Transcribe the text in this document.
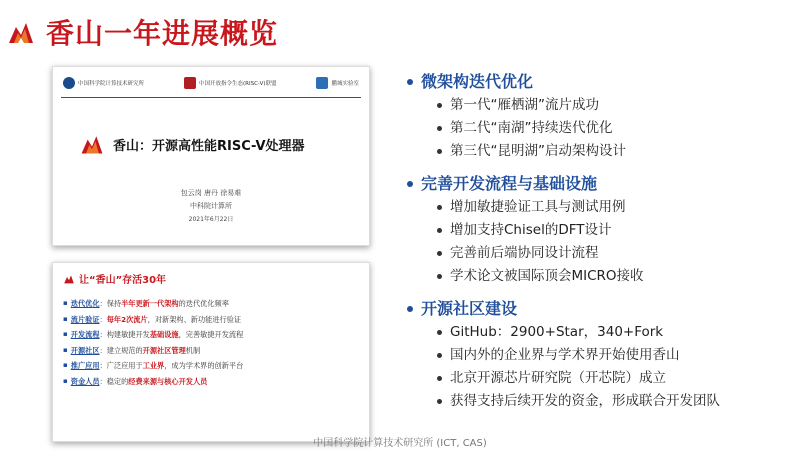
香山一年进展概览
中国科学院计算技术研究所	中国开放指令生态(RISC-V)联盟	鹏城实验室
香山：开源高性能RISC-V处理器
包云岗 唐丹 徐易难
中科院计算所
2021年6月22日
让“香山”存活30年
▪ 迭代优化：保持半年更新一代架构的迭代优化频率
▪ 流片验证：每年2次流片，对新架构、新功能进行验证
▪ 开发流程：构建敏捷开发基础设施，完善敏捷开发流程
▪ 开源社区：建立规范的开源社区管理机制
▪ 推广应用：广泛应用于工业界，成为学术界的创新平台
▪ 资金人员：稳定的经费来源与核心开发人员
微架构迭代优化
第一代“雁栖湖”流片成功
第二代“南湖”持续迭代优化
第三代“昆明湖”启动架构设计
完善开发流程与基础设施
增加敏捷验证工具与测试用例
增加支持Chisel的DFT设计
完善前后端协同设计流程
学术论文被国际顶会MICRO接收
开源社区建设
GitHub：2900+Star，340+Fork
国内外的企业界与学术界开始使用香山
北京开源芯片研究院（开芯院）成立
获得支持后续开发的资金，形成联合开发团队
中国科学院计算技术研究所 (ICT, CAS)
